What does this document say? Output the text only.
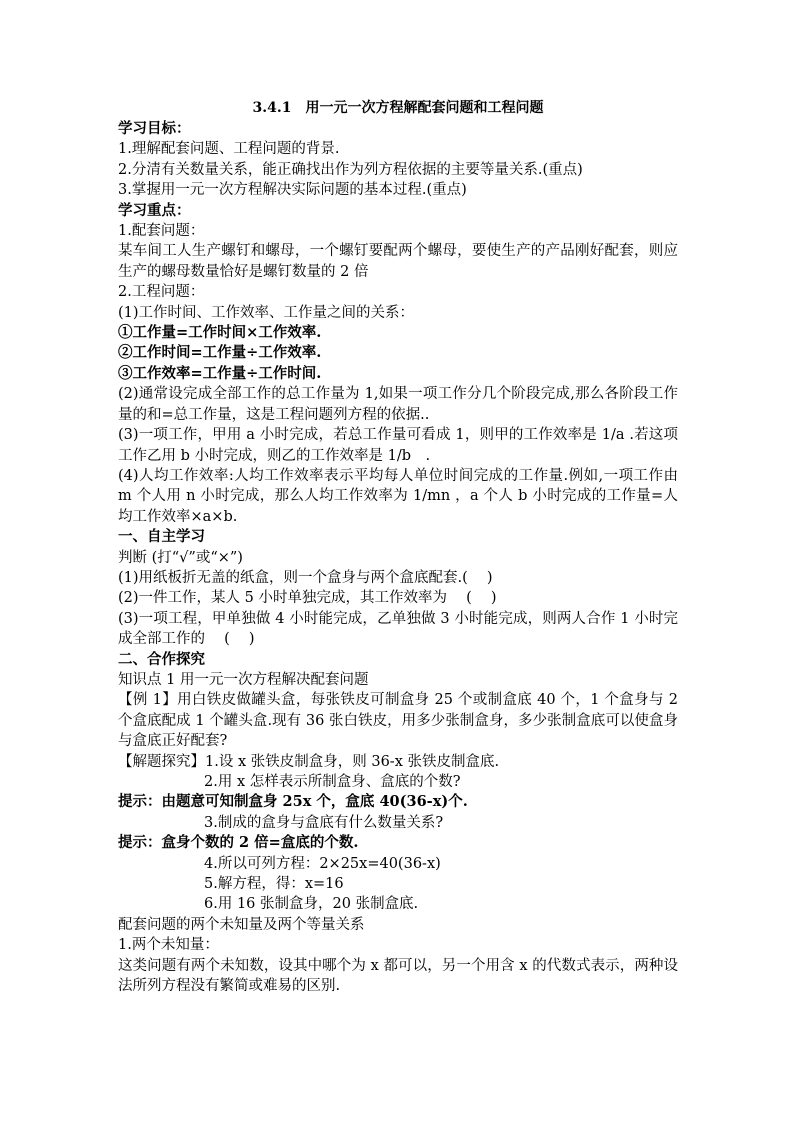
3.4.1　用一元一次方程解配套问题和工程问题
学习目标：
1.理解配套问题、工程问题的背景.
2.分清有关数量关系，能正确找出作为列方程依据的主要等量关系.(重点)
3.掌握用一元一次方程解决实际问题的基本过程.(重点)
学习重点：
1.配套问题：
某车间工人生产螺钉和螺母，一个螺钉要配两个螺母，要使生产的产品刚好配套，则应生产的螺母数量恰好是螺钉数量的 2 倍
2.工程问题：
(1)工作时间、工作效率、工作量之间的关系：
①工作量=工作时间×工作效率.
②工作时间=工作量÷工作效率.
③工作效率=工作量÷工作时间.
(2)通常设完成全部工作的总工作量为 1,如果一项工作分几个阶段完成,那么各阶段工作量的和=总工作量，这是工程问题列方程的依据..
(3)一项工作，甲用 a 小时完成，若总工作量可看成 1，则甲的工作效率是 1/a .若这项工作乙用 b 小时完成，则乙的工作效率是 1/b　.
(4)人均工作效率:人均工作效率表示平均每人单位时间完成的工作量.例如,一项工作由 m 个人用 n 小时完成，那么人均工作效率为 1/mn ，a 个人 b 小时完成的工作量=人均工作效率×a×b.
一、自主学习
判断 (打“√”或“×”)
(1)用纸板折无盖的纸盒，则一个盒身与两个盒底配套.(　 )
(2)一件工作，某人 5 小时单独完成，其工作效率为　 (　 )
(3)一项工程，甲单独做 4 小时能完成，乙单独做 3 小时能完成，则两人合作 1 小时完成全部工作的　 (　 )
二、合作探究
知识点 1 用一元一次方程解决配套问题
【例 1】用白铁皮做罐头盒，每张铁皮可制盒身 25 个或制盒底 40 个，1 个盒身与 2 个盒底配成 1 个罐头盒.现有 36 张白铁皮，用多少张制盒身，多少张制盒底可以使盒身与盒底正好配套?
【解题探究】1.设 x 张铁皮制盒身，则 36-x 张铁皮制盒底.
2.用 x 怎样表示所制盒身、盒底的个数?
提示：由题意可知制盒身 25x 个，盒底 40(36-x)个.
3.制成的盒身与盒底有什么数量关系?
提示：盒身个数的 2 倍=盒底的个数.
4.所以可列方程：2×25x=40(36-x)
5.解方程，得：x=16
6.用 16 张制盒身，20 张制盒底.
配套问题的两个未知量及两个等量关系
1.两个未知量：
这类问题有两个未知数，设其中哪个为 x 都可以，另一个用含 x 的代数式表示，两种设法所列方程没有繁简或难易的区别.
